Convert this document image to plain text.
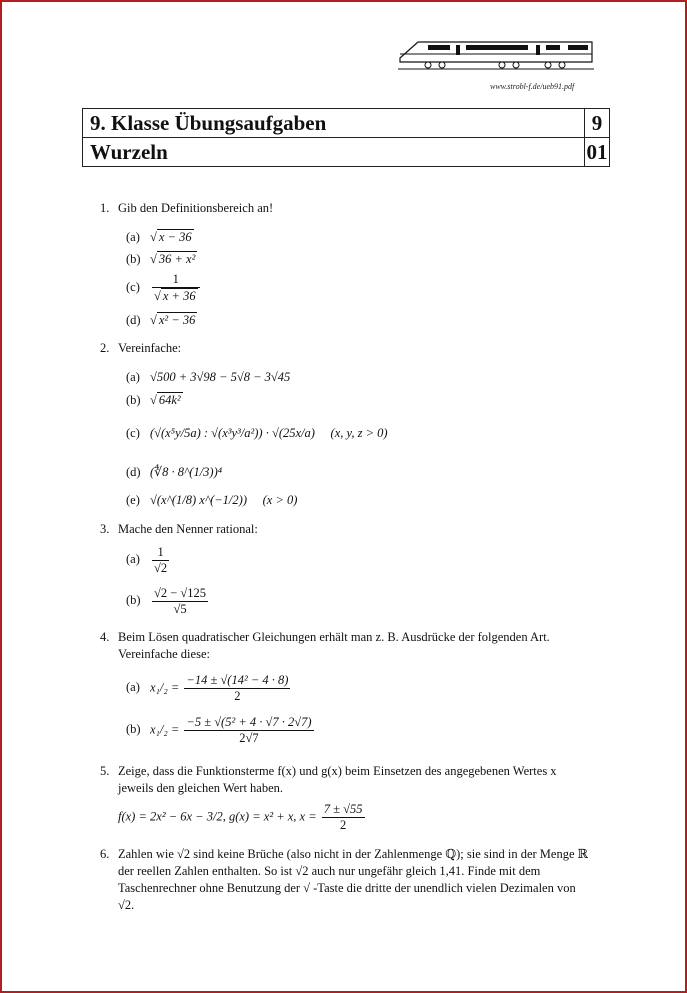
www.strobl-f.de/ueb91.pdf
9. Klasse Übungsaufgaben	9
Wurzeln	01
1. Gib den Definitionsbereich an!
(a) √ x − 36
(b) √ 36 + x²
$(c) \frac{1}{√ x + 36}$
(d) √ x² − 36
2. Vereinfache:
(a) √500 + 3√98 − 5√8 − 3√45
(b) √ 64k²
(c) (√(x⁵y/5a) : √(x³y³/a²)) · √(25x/a) (x, y, z > 0)
(d) (∜8 · 8^(1/3))⁴
(e) √(x^(1/8) x^(−1/2)) (x > 0)
3. Mache den Nenner rational:
$(a) \frac{1}{√2}$
$(b) \frac{√2 - √125}{√5}$
4. Beim Lösen quadratischer Gleichungen erhält man z. B. Ausdrücke der folgenden Art. Vereinfache diese:
(a) $x_1/_2 = \frac{\text{−14 ± √(14² − 4 · 8)}}{2}$
(b) $x_1/_2 = \frac{\text{−5 ± √(5² + 4 · √7 · 2√7)}}{2√7}$
5. Zeige, dass die Funktionsterme f(x) und g(x) beim Einsetzen des angegebenen Wertes x jeweils den gleichen Wert haben.
f(x) = 2x² − 6x − 3/2, g(x) = x² + x, $x = \frac{7 \pm √55}{2}$
6. Zahlen wie √2 sind keine Brüche (also nicht in der Zahlenmenge ℚ); sie sind in der Menge ℝ der reellen Zahlen enthalten. So ist √2 auch nur ungefähr gleich 1,41. Finde mit dem Taschenrechner ohne Benutzung der √ -Taste die dritte der unendlich vielen Dezimalen von √2.
